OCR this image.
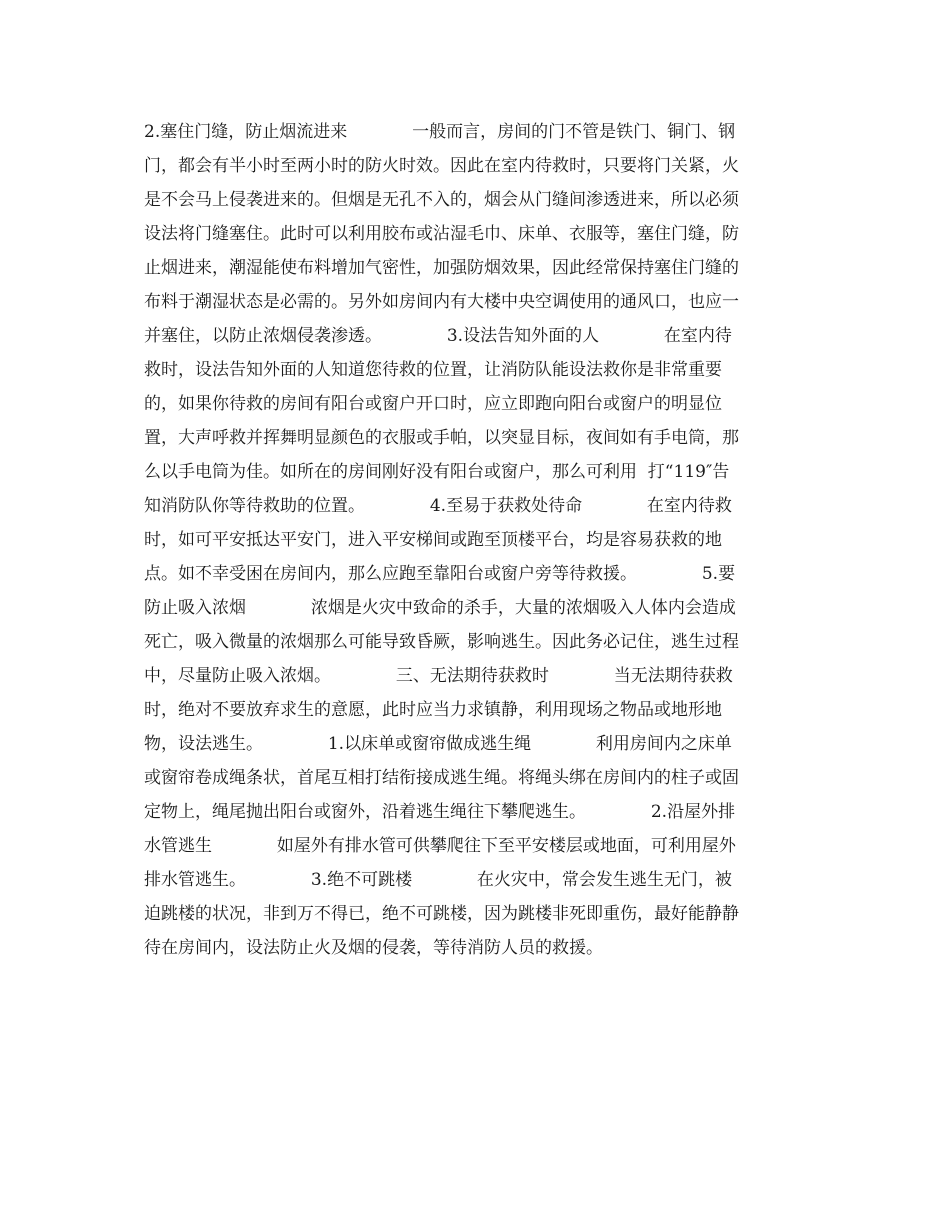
2.塞住门缝，防止烟流进来            一般而言，房间的门不管是铁门、铜门、钢
门，都会有半小时至两小时的防火时效。因此在室内待救时，只要将门关紧，火
是不会马上侵袭进来的。但烟是无孔不入的，烟会从门缝间渗透进来，所以必须
设法将门缝塞住。此时可以利用胶布或沾湿毛巾、床单、衣服等，塞住门缝，防
止烟进来，潮湿能使布料增加气密性，加强防烟效果，因此经常保持塞住门缝的
布料于潮湿状态是必需的。另外如房间内有大楼中央空调使用的通风口，也应一
并塞住，以防止浓烟侵袭渗透。            3.设法告知外面的人            在室内待
救时，设法告知外面的人知道您待救的位置，让消防队能设法救你是非常重要
的，如果你待救的房间有阳台或窗户开口时，应立即跑向阳台或窗户的明显位
置，大声呼救并挥舞明显颜色的衣服或手帕，以突显目标，夜间如有手电筒，那
么以手电筒为佳。如所在的房间刚好没有阳台或窗户，那么可利用  打“119″告
知消防队你等待救助的位置。            4.至易于获救处待命            在室内待救
时，如可平安抵达平安门，进入平安梯间或跑至顶楼平台，均是容易获救的地
点。如不幸受困在房间内，那么应跑至靠阳台或窗户旁等待救援。            5.要
防止吸入浓烟            浓烟是火灾中致命的杀手，大量的浓烟吸入人体内会造成
死亡，吸入微量的浓烟那么可能导致昏厥，影响逃生。因此务必记住，逃生过程
中，尽量防止吸入浓烟。            三、无法期待获救时            当无法期待获救
时，绝对不要放弃求生的意愿，此时应当力求镇静，利用现场之物品或地形地
物，设法逃生。            1.以床单或窗帘做成逃生绳            利用房间内之床单
或窗帘卷成绳条状，首尾互相打结衔接成逃生绳。将绳头绑在房间内的柱子或固
定物上，绳尾抛出阳台或窗外，沿着逃生绳往下攀爬逃生。            2.沿屋外排
水管逃生            如屋外有排水管可供攀爬往下至平安楼层或地面，可利用屋外
排水管逃生。            3.绝不可跳楼            在火灾中，常会发生逃生无门，被
迫跳楼的状况，非到万不得已，绝不可跳楼，因为跳楼非死即重伤，最好能静静
待在房间内，设法防止火及烟的侵袭，等待消防人员的救援。
